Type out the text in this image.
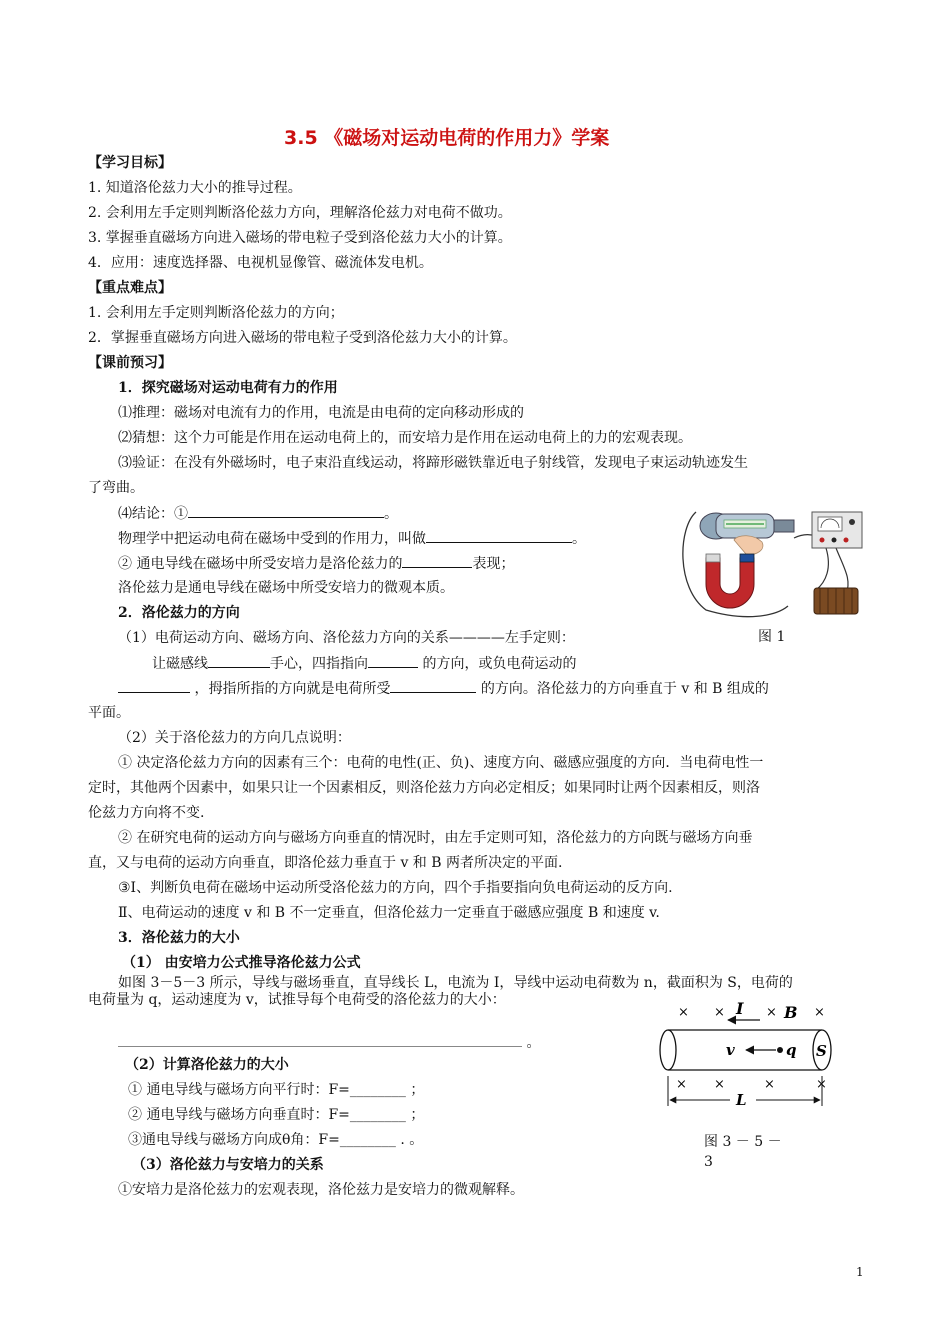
3.5 《磁场对运动电荷的作用力》学案
【学习目标】
1. 知道洛伦兹力大小的推导过程。
2. 会利用左手定则判断洛伦兹力方向，理解洛伦兹力对电荷不做功。
3. 掌握垂直磁场方向进入磁场的带电粒子受到洛伦兹力大小的计算。
4．应用：速度选择器、电视机显像管、磁流体发电机。
【重点难点】
1. 会利用左手定则判断洛伦兹力的方向；
2．掌握垂直磁场方向进入磁场的带电粒子受到洛伦兹力大小的计算。
【课前预习】
1．探究磁场对运动电荷有力的作用
⑴推理：磁场对电流有力的作用，电流是由电荷的定向移动形成的
⑵猜想：这个力可能是作用在运动电荷上的，而安培力是作用在运动电荷上的力的宏观表现。
⑶验证：在没有外磁场时，电子束沿直线运动，将蹄形磁铁靠近电子射线管，发现电子束运动轨迹发生
了弯曲。
⑷结论：①	。
物理学中把运动电荷在磁场中受到的作用力，叫做	。
② 通电导线在磁场中所受安培力是洛伦兹力的	表现；
洛伦兹力是通电导线在磁场中所受安培力的微观本质。
图 1
2．洛伦兹力的方向
（1）电荷运动方向、磁场方向、洛伦兹力方向的关系————左手定则：
让磁感线	手心，四指指向	的方向，或负电荷运动的
，拇指所指的方向就是电荷所受	的方向。洛伦兹力的方向垂直于 v 和 B 组成的
平面。
（2）关于洛伦兹力的方向几点说明：
① 决定洛伦兹力方向的因素有三个：电荷的电性(正、负)、速度方向、磁感应强度的方向．当电荷电性一
定时，其他两个因素中，如果只让一个因素相反，则洛伦兹力方向必定相反；如果同时让两个因素相反，则洛
伦兹力方向将不变.
② 在研究电荷的运动方向与磁场方向垂直的情况时，由左手定则可知，洛伦兹力的方向既与磁场方向垂
直，又与电荷的运动方向垂直，即洛伦兹力垂直于 v 和 B 两者所决定的平面.
③Ⅰ、判断负电荷在磁场中运动所受洛伦兹力的方向，四个手指要指向负电荷运动的反方向.
Ⅱ、电荷运动的速度 v 和 B 不一定垂直，但洛伦兹力一定垂直于磁感应强度 B 和速度 v.
3．洛伦兹力的大小
（1） 由安培力公式推导洛伦兹力公式
如图 3－5－3 所示，导线与磁场垂直，直导线长 L，电流为 I，导线中运动电荷数为 n，截面积为 S，电荷的
电荷量为 q，运动速度为 v，试推导每个电荷受的洛伦兹力的大小：
。
（2）计算洛伦兹力的大小
① 通电导线与磁场方向平行时：F=________ ；
② 通电导线与磁场方向垂直时：F=________ ；
③通电导线与磁场方向成θ角：F=________ . 。
（3）洛伦兹力与安培力的关系
①安培力是洛伦兹力的宏观表现，洛伦兹力是安培力的微观解释。
× ×	×	×
I	B
S
v	q
× ×	×	×
L
图 3 － 5 －
3
1
